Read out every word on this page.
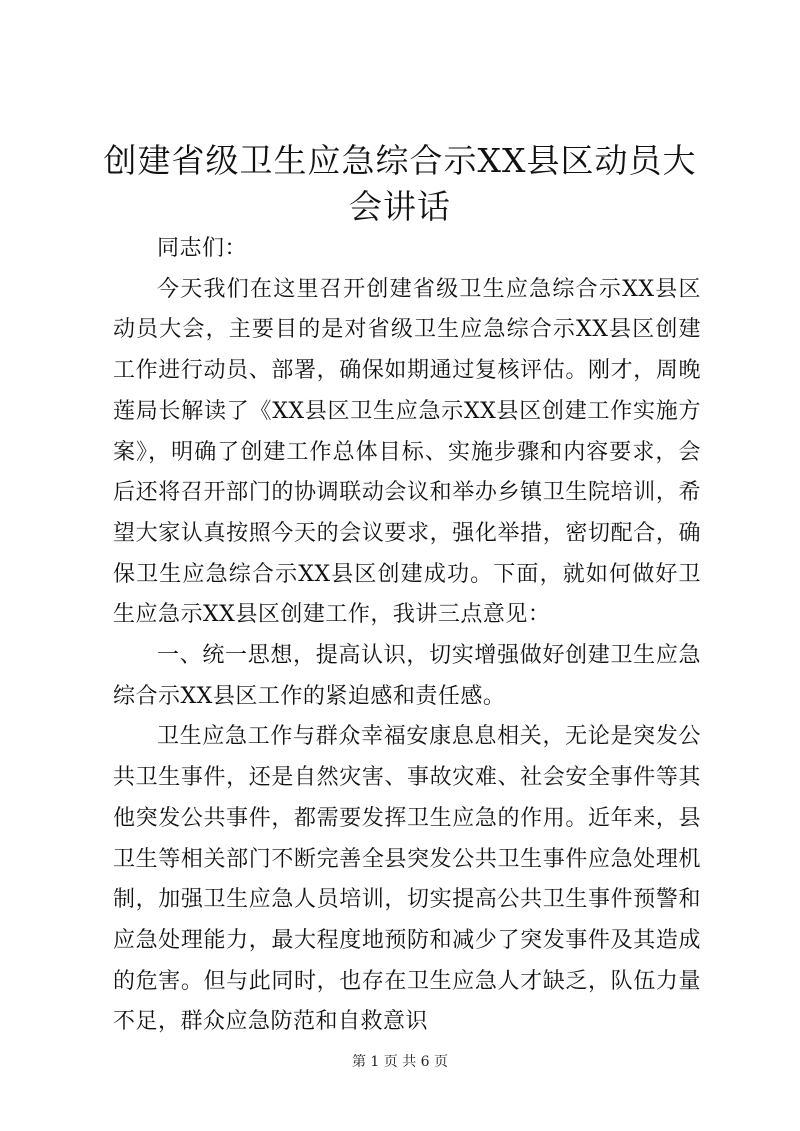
创建省级卫生应急综合示XX县区动员大会讲话

同志们：

今天我们在这里召开创建省级卫生应急综合示XX县区动员大会，主要目的是对省级卫生应急综合示XX县区创建工作进行动员、部署，确保如期通过复核评估。刚才，周晚莲局长解读了《XX县区卫生应急示XX县区创建工作实施方案》，明确了创建工作总体目标、实施步骤和内容要求，会后还将召开部门的协调联动会议和举办乡镇卫生院培训，希望大家认真按照今天的会议要求，强化举措，密切配合，确保卫生应急综合示XX县区创建成功。下面，就如何做好卫生应急示XX县区创建工作，我讲三点意见：

一、统一思想，提高认识，切实增强做好创建卫生应急综合示XX县区工作的紧迫感和责任感。

卫生应急工作与群众幸福安康息息相关，无论是突发公共卫生事件，还是自然灾害、事故灾难、社会安全事件等其他突发公共事件，都需要发挥卫生应急的作用。近年来，县卫生等相关部门不断完善全县突发公共卫生事件应急处理机制，加强卫生应急人员培训，切实提高公共卫生事件预警和应急处理能力，最大程度地预防和减少了突发事件及其造成的危害。但与此同时，也存在卫生应急人才缺乏，队伍力量不足，群众应急防范和自救意识

第 1 页 共 6 页
